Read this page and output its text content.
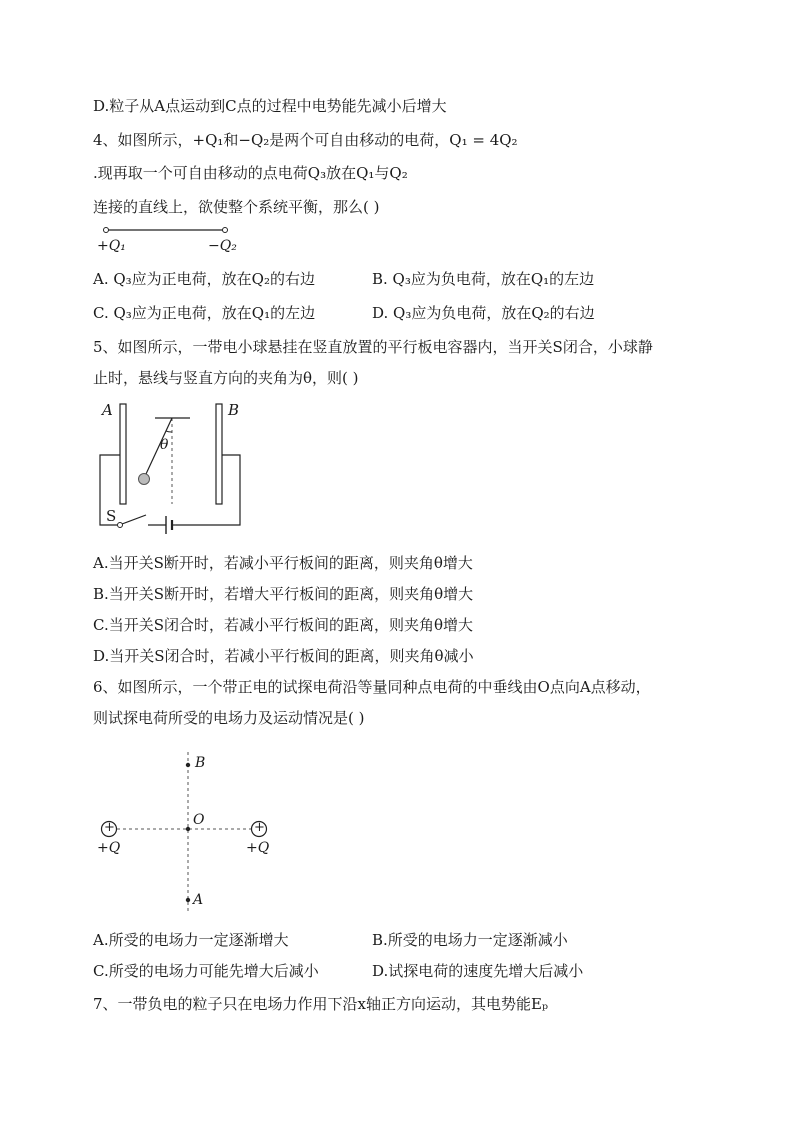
D.粒子从A点运动到C点的过程中电势能先减小后增大
4、如图所示，+Q₁和−Q₂是两个可自由移动的电荷，Q₁ = 4Q₂
.现再取一个可自由移动的点电荷Q₃放在Q₁与Q₂
连接的直线上，欲使整个系统平衡，那么( )
+Q₁	−Q₂
A. Q₃应为正电荷，放在Q₂的右边	B. Q₃应为负电荷，放在Q₁的左边
C. Q₃应为正电荷，放在Q₁的左边	D. Q₃应为负电荷，放在Q₂的右边
5、如图所示，一带电小球悬挂在竖直放置的平行板电容器内，当开关S闭合，小球静
止时，悬线与竖直方向的夹角为θ，则( )
A	B
θ
S
A.当开关S断开时，若减小平行板间的距离，则夹角θ增大
B.当开关S断开时，若增大平行板间的距离，则夹角θ增大
C.当开关S闭合时，若减小平行板间的距离，则夹角θ增大
D.当开关S闭合时，若减小平行板间的距离，则夹角θ减小
6、如图所示，一个带正电的试探电荷沿等量同种点电荷的中垂线由O点向A点移动，
则试探电荷所受的电场力及运动情况是( )
+	+
B
O
A
+Q	+Q
A.所受的电场力一定逐渐增大	B.所受的电场力一定逐渐减小
C.所受的电场力可能先增大后减小	D.试探电荷的速度先增大后减小
7、一带负电的粒子只在电场力作用下沿x轴正方向运动，其电势能Eₚ
